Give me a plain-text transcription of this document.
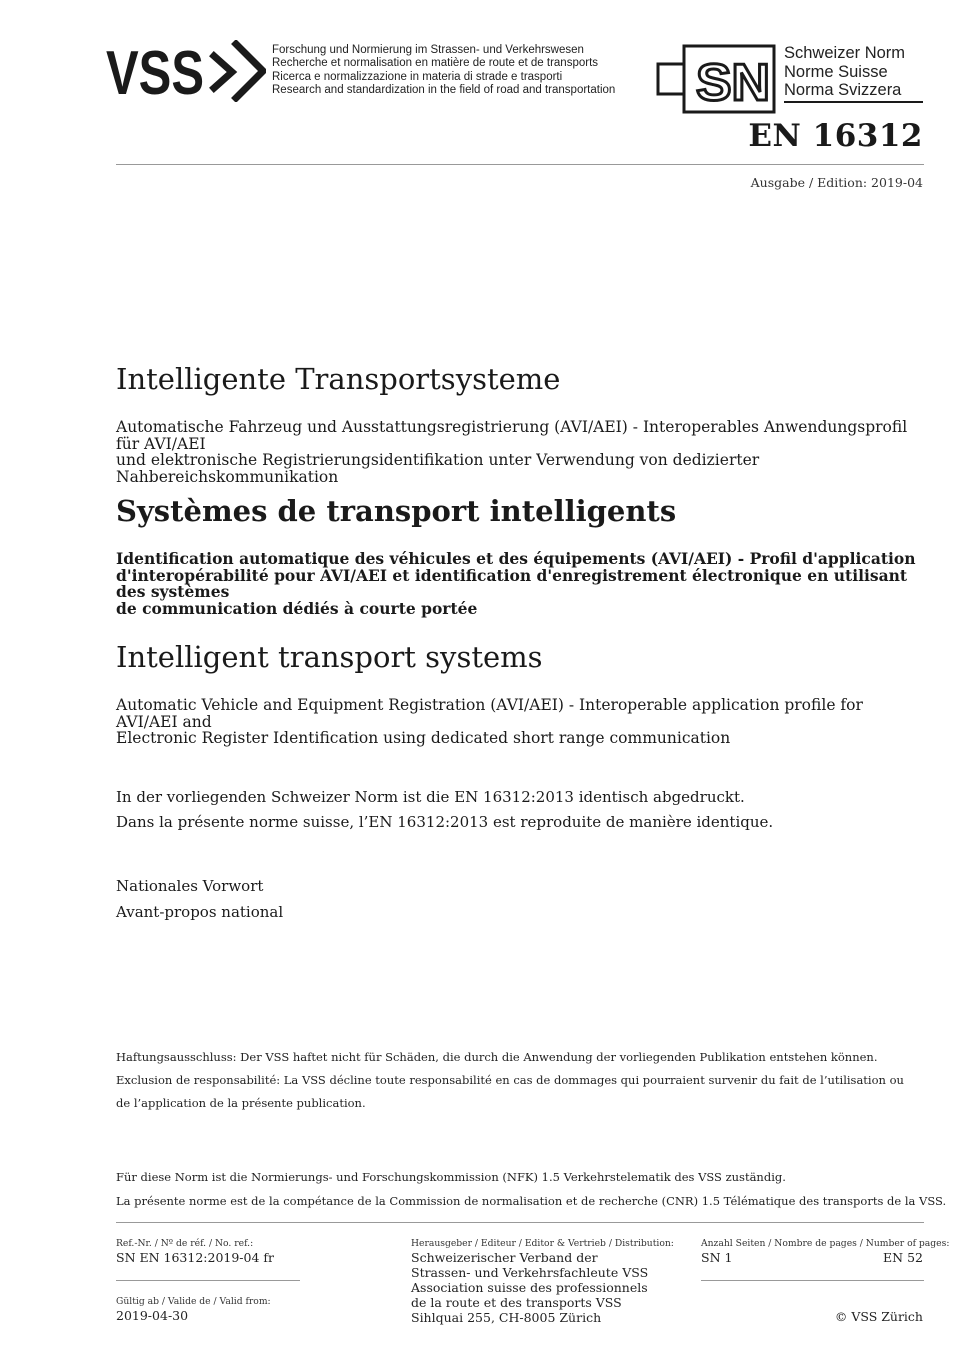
VSS	Forschung und Normierung im Strassen- und Verkehrswesen
Recherche et normalisation en matière de route et de transports
Ricerca e normalizzazione in materia di strade e trasporti
Research and standardization in the field of road and transportation SN
Schweizer Norm
Norme Suisse
Norma Svizzera
EN 16312
Ausgabe / Edition: 2019-04
Intelligente Transportsysteme
Automatische Fahrzeug und Ausstattungsregistrierung (AVI/AEI) - Interoperables Anwendungsprofil für AVI/AEI
und elektronische Registrierungsidentifikation unter Verwendung von dedizierter Nahbereichskommunikation
Systèmes de transport intelligents
Identification automatique des véhicules et des équipements (AVI/AEI) - Profil d'application
d'interopérabilité pour AVI/AEI et identification d'enregistrement électronique en utilisant des systèmes
de communication dédiés à courte portée
Intelligent transport systems
Automatic Vehicle and Equipment Registration (AVI/AEI) - Interoperable application profile for AVI/AEI and
Electronic Register Identification using dedicated short range communication
In der vorliegenden Schweizer Norm ist die EN 16312:2013 identisch abgedruckt.
Dans la présente norme suisse, l’EN 16312:2013 est reproduite de manière identique.
Nationales Vorwort
Avant-propos national
Haftungsausschluss: Der VSS haftet nicht für Schäden, die durch die Anwendung der vorliegenden Publikation entstehen können.
Exclusion de responsabilité: La VSS décline toute responsabilité en cas de dommages qui pourraient survenir du fait de l’utilisation ou
de l’application de la présente publication.
Für diese Norm ist die Normierungs- und Forschungskommission (NFK) 1.5 Verkehrstelematik des VSS zuständig.
La présente norme est de la compétance de la Commission de normalisation et de recherche (CNR) 1.5 Télématique des transports de la VSS.
Ref.-Nr. / Nº de réf. / No. ref.:
SN EN 16312:2019-04 fr
Gültig ab / Valide de / Valid from:
2019-04-30
Herausgeber / Editeur / Editor & Vertrieb / Distribution:
Schweizerischer Verband der
Strassen- und Verkehrsfachleute VSS
Association suisse des professionnels
de la route et des transports VSS
Sihlquai 255, CH-8005 Zürich
Anzahl Seiten / Nombre de pages / Number of pages:
SN 1	EN 52
© VSS Zürich
